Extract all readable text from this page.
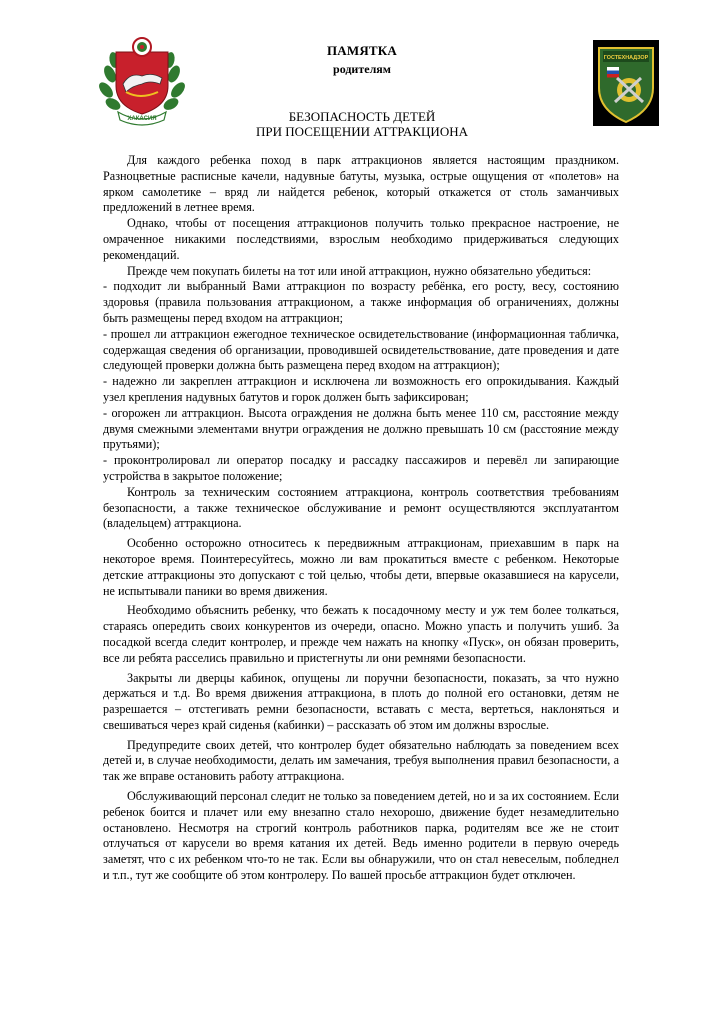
ХАКАСИЯ
ГОСТЕХНАДЗОР
ПАМЯТКА
родителям
БЕЗОПАСНОСТЬ ДЕТЕЙ
ПРИ ПОСЕЩЕНИИ АТТРАКЦИОНА

Для каждого ребенка поход в парк аттракционов является настоящим праздником. Разноцветные расписные качели, надувные батуты, музыка, острые ощущения от «полетов» на ярком самолетике – вряд ли найдется ребенок, который откажется от столь заманчивых предложений в летнее время.

Однако, чтобы от посещения аттракционов получить только прекрасное настроение, не омраченное никакими последствиями, взрослым необходимо придерживаться следующих рекомендаций.

Прежде чем покупать билеты на тот или иной аттракцион, нужно обязательно убедиться:

- подходит ли выбранный Вами аттракцион по возрасту ребёнка, его росту, весу, состоянию здоровья (правила пользования аттракционом, а также информация об ограничениях, должны быть размещены перед входом на аттракцион;

- прошел ли аттракцион ежегодное техническое освидетельствование (информационная табличка, содержащая сведения об организации, проводившей освидетельствование, дате проведения и дате следующей проверки должна быть размещена перед входом на аттракцион);

- надежно ли закреплен аттракцион и исключена ли возможность его опрокидывания. Каждый узел крепления надувных батутов и горок должен быть зафиксирован;

- огорожен ли аттракцион. Высота ограждения не должна быть менее 110 см, расстояние между двумя смежными элементами внутри ограждения не должно превышать 10 см (расстояние между прутьями);

- проконтролировал ли оператор посадку и рассадку пассажиров и перевёл ли запирающие устройства в закрытое положение;

Контроль за техническим состоянием аттракциона, контроль соответствия требованиям безопасности, а также техническое обслуживание и ремонт осуществляются эксплуатантом (владельцем) аттракциона.

Особенно осторожно относитесь к передвижным аттракционам, приехавшим в парк на некоторое время. Поинтересуйтесь, можно ли вам прокатиться вместе с ребенком. Некоторые детские аттракционы это допускают с той целью, чтобы дети, впервые оказавшиеся на карусели, не испытывали паники во время движения.

Необходимо объяснить ребенку, что бежать к посадочному месту и уж тем более толкаться, стараясь опередить своих конкурентов из очереди, опасно. Можно упасть и получить ушиб. За посадкой всегда следит контролер, и прежде чем нажать на кнопку «Пуск», он обязан проверить, все ли ребята расселись правильно и пристегнуты ли они ремнями безопасности.

Закрыты ли дверцы кабинок, опущены ли поручни безопасности, показать, за что нужно держаться и т.д. Во время движения аттракциона, в плоть до полной его остановки, детям не разрешается – отстегивать ремни безопасности, вставать с места, вертеться, наклоняться и свешиваться через край сиденья (кабинки) – рассказать об этом им должны взрослые.

Предупредите своих детей, что контролер будет обязательно наблюдать за поведением всех детей и, в случае необходимости, делать им замечания, требуя выполнения правил безопасности, а так же вправе остановить работу аттракциона.

Обслуживающий персонал следит не только за поведением детей, но и за их состоянием. Если ребенок боится и плачет или ему внезапно стало нехорошо, движение будет незамедлительно остановлено. Несмотря на строгий контроль работников парка, родителям все же не стоит отлучаться от карусели во время катания их детей. Ведь именно родители в первую очередь заметят, что с их ребенком что-то не так. Если вы обнаружили, что он стал невеселым, побледнел и т.п., тут же сообщите об этом контролеру. По вашей просьбе аттракцион будет отключен.
